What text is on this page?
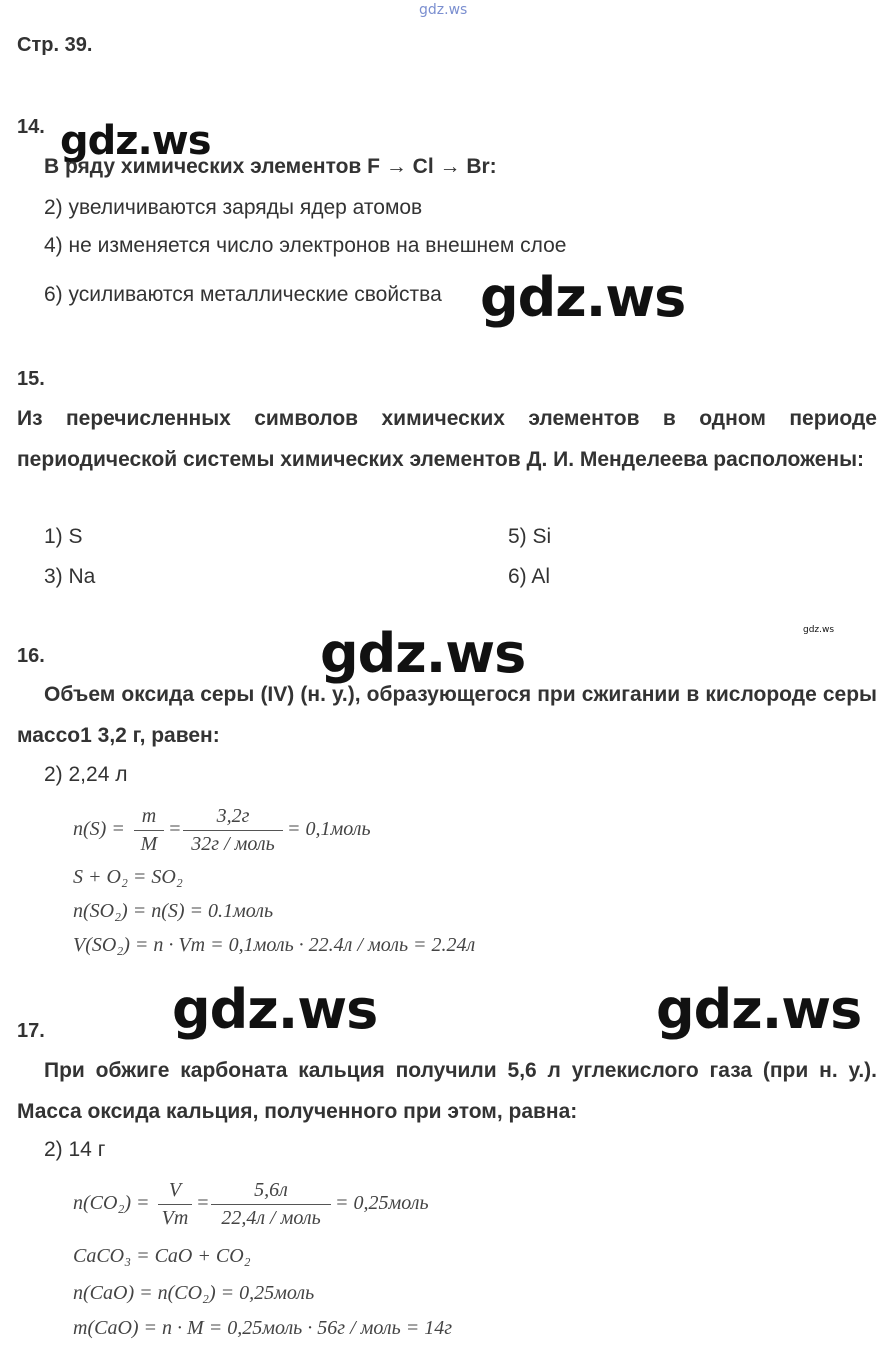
gdz.ws
Стр. 39.
14. gdz.ws
В ряду химических элементов F → Cl → Br:
2) увеличиваются заряды ядер атомов
4) не изменяется число электронов на внешнем слое
6) усиливаются металлические свойства gdz.ws
15.
Из перечисленных символов химических элементов в одном периоде периодической системы химических элементов Д. И. Менделеева расположены:
1) S	5) Si
3) Na	6) Al
gdz.ws
16.	gdz.ws
Объем оксида серы (IV) (н. у.), образующегося при сжигании в кислороде серы массо1 3,2 г, равен:
2) 2,24 л
n(S) =
m
M
=
3,2г
32г / моль
= 0,1моль
S + O₂ = SO₂
n(SO₂) = n(S) = 0.1моль
V(SO₂) = n · Vm = 0,1моль · 22.4л / моль = 2.24л
gdz.ws	gdz.ws
17.
При обжиге карбоната кальция получили 5,6 л углекислого газа (при н. у.). Масса оксида кальция, полученного при этом, равна:
2) 14 г
n(CO₂) =
V
Vm
=
5,6л
22,4л / моль
= 0,25моль
CaCO₃ = CaO + CO₂
n(CaO) = n(CO₂) = 0,25моль
m(CaO) = n · M = 0,25моль · 56г / моль = 14г
